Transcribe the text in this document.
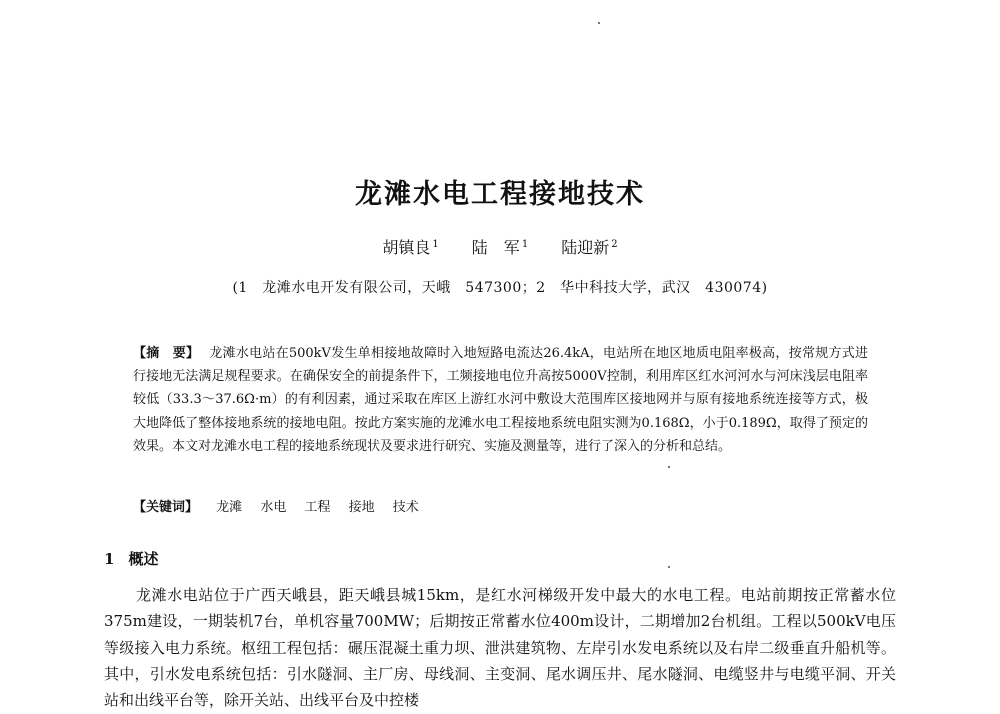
龙滩水电工程接地技术
胡镇良 $^1$ 陆　军 $^1$ 陆迎新 $^2$
(1　龙滩水电开发有限公司，天峨　547300；2　华中科技大学，武汉　430074)
【摘　要】 龙滩水电站在500kV发生单相接地故障时入地短路电流达26.4kA，电站所在地区地质电阻率极高，按常规方式进行接地无法满足规程要求。在确保安全的前提条件下，工频接地电位升高按5000V控制，利用库区红水河河水与河床浅层电阻率较低（33.3～37.6Ω·m）的有利因素，通过采取在库区上游红水河中敷设大范围库区接地网并与原有接地系统连接等方式，极大地降低了整体接地系统的接地电阻。按此方案实施的龙滩水电工程接地系统电阻实测为0.168Ω，小于0.189Ω，取得了预定的效果。本文对龙滩水电工程的接地系统现状及要求进行研究、实施及测量等，进行了深入的分析和总结。
【关键词】 龙滩 水电 工程 接地 技术
1 概述
龙滩水电站位于广西天峨县，距天峨县城15km，是红水河梯级开发中最大的水电工程。电站前期按正常蓄水位375m建设，一期装机7台，单机容量700MW；后期按正常蓄水位400m设计，二期增加2台机组。工程以500kV电压等级接入电力系统。枢纽工程包括：碾压混凝土重力坝、泄洪建筑物、左岸引水发电系统以及右岸二级垂直升船机等。其中，引水发电系统包括：引水隧洞、主厂房、母线洞、主变洞、尾水调压井、尾水隧洞、电缆竖井与电缆平洞、开关站和出线平台等，除开关站、出线平台及中控楼
